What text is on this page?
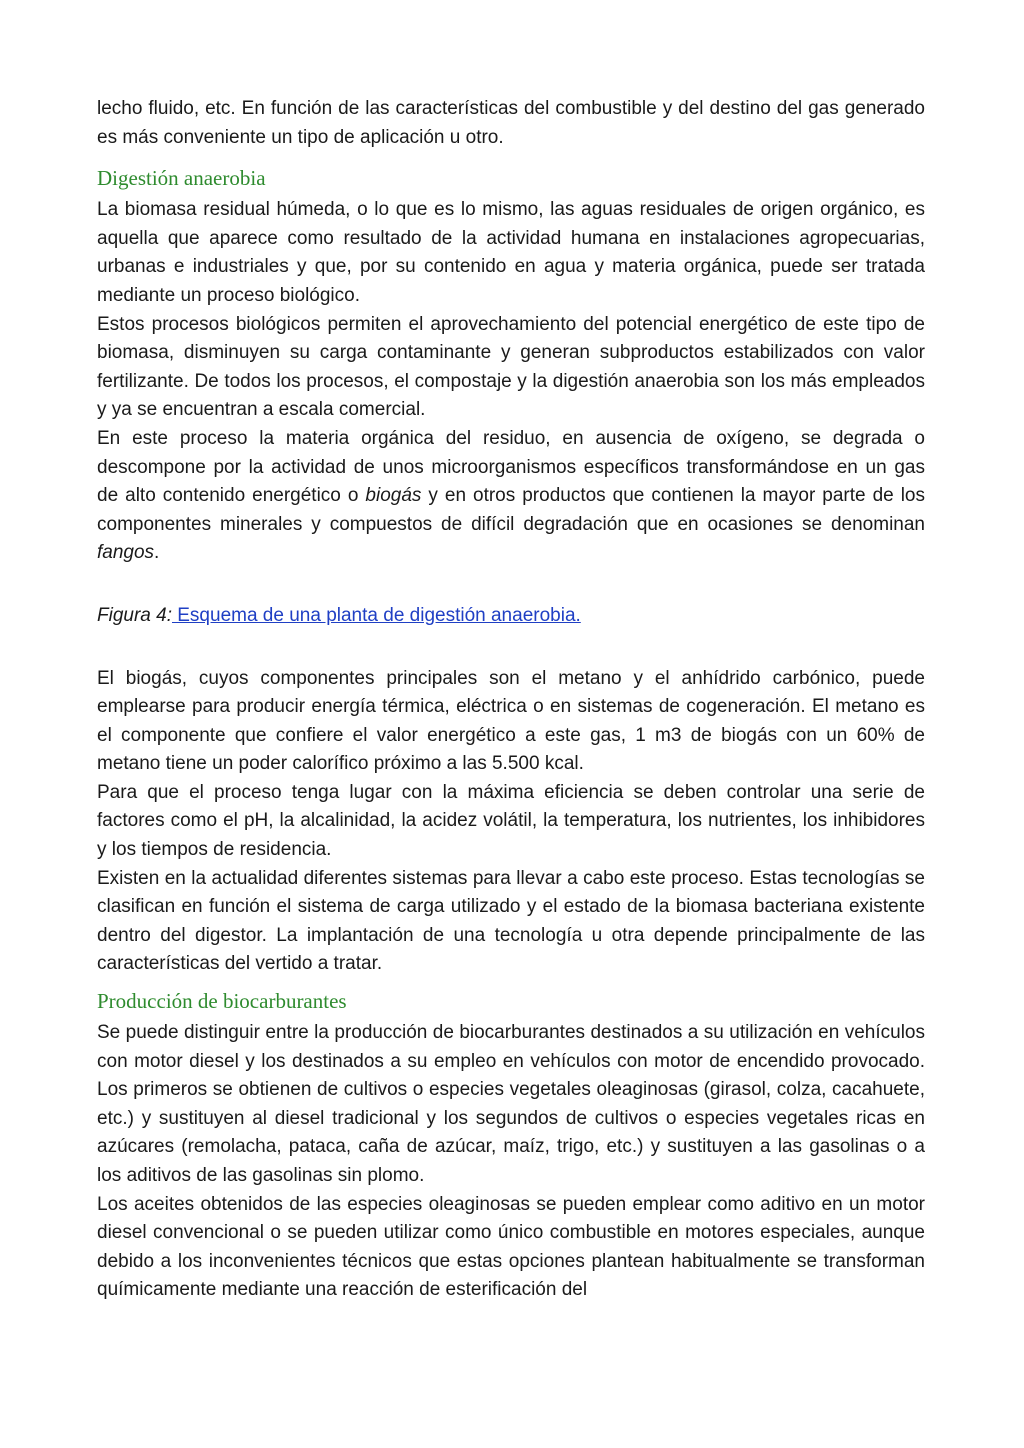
lecho fluido, etc. En función de las características del combustible y del destino del gas generado es más conveniente un tipo de aplicación u otro.

Digestión anaerobia

La biomasa residual húmeda, o lo que es lo mismo, las aguas residuales de origen orgánico, es aquella que aparece como resultado de la actividad humana en instalaciones agropecuarias, urbanas e industriales y que, por su contenido en agua y materia orgánica, puede ser tratada mediante un proceso biológico.

Estos procesos biológicos permiten el aprovechamiento del potencial energético de este tipo de biomasa, disminuyen su carga contaminante y generan subproductos estabilizados con valor fertilizante. De todos los procesos, el compostaje y la digestión anaerobia son los más empleados y ya se encuentran a escala comercial.

En este proceso la materia orgánica del residuo, en ausencia de oxígeno, se degrada o descompone por la actividad de unos microorganismos específicos transformándose en un gas de alto contenido energético o biogás y en otros productos que contienen la mayor parte de los componentes minerales y compuestos de difícil degradación que en ocasiones se denominan fangos.

Figura 4: Esquema de una planta de digestión anaerobia.

El biogás, cuyos componentes principales son el metano y el anhídrido carbónico, puede emplearse para producir energía térmica, eléctrica o en sistemas de cogeneración. El metano es el componente que confiere el valor energético a este gas, 1 m3 de biogás con un 60% de metano tiene un poder calorífico próximo a las 5.500 kcal.

Para que el proceso tenga lugar con la máxima eficiencia se deben controlar una serie de factores como el pH, la alcalinidad, la acidez volátil, la temperatura, los nutrientes, los inhibidores y los tiempos de residencia.

Existen en la actualidad diferentes sistemas para llevar a cabo este proceso. Estas tecnologías se clasifican en función el sistema de carga utilizado y el estado de la biomasa bacteriana existente dentro del digestor. La implantación de una tecnología u otra depende principalmente de las características del vertido a tratar.

Producción de biocarburantes

Se puede distinguir entre la producción de biocarburantes destinados a su utilización en vehículos con motor diesel y los destinados a su empleo en vehículos con motor de encendido provocado. Los primeros se obtienen de cultivos o especies vegetales oleaginosas (girasol, colza, cacahuete, etc.) y sustituyen al diesel tradicional y los segundos de cultivos o especies vegetales ricas en azúcares (remolacha, pataca, caña de azúcar, maíz, trigo, etc.) y sustituyen a las gasolinas o a los aditivos de las gasolinas sin plomo.

Los aceites obtenidos de las especies oleaginosas se pueden emplear como aditivo en un motor diesel convencional o se pueden utilizar como único combustible en motores especiales, aunque debido a los inconvenientes técnicos que estas opciones plantean habitualmente se transforman químicamente mediante una reacción de esterificación del
